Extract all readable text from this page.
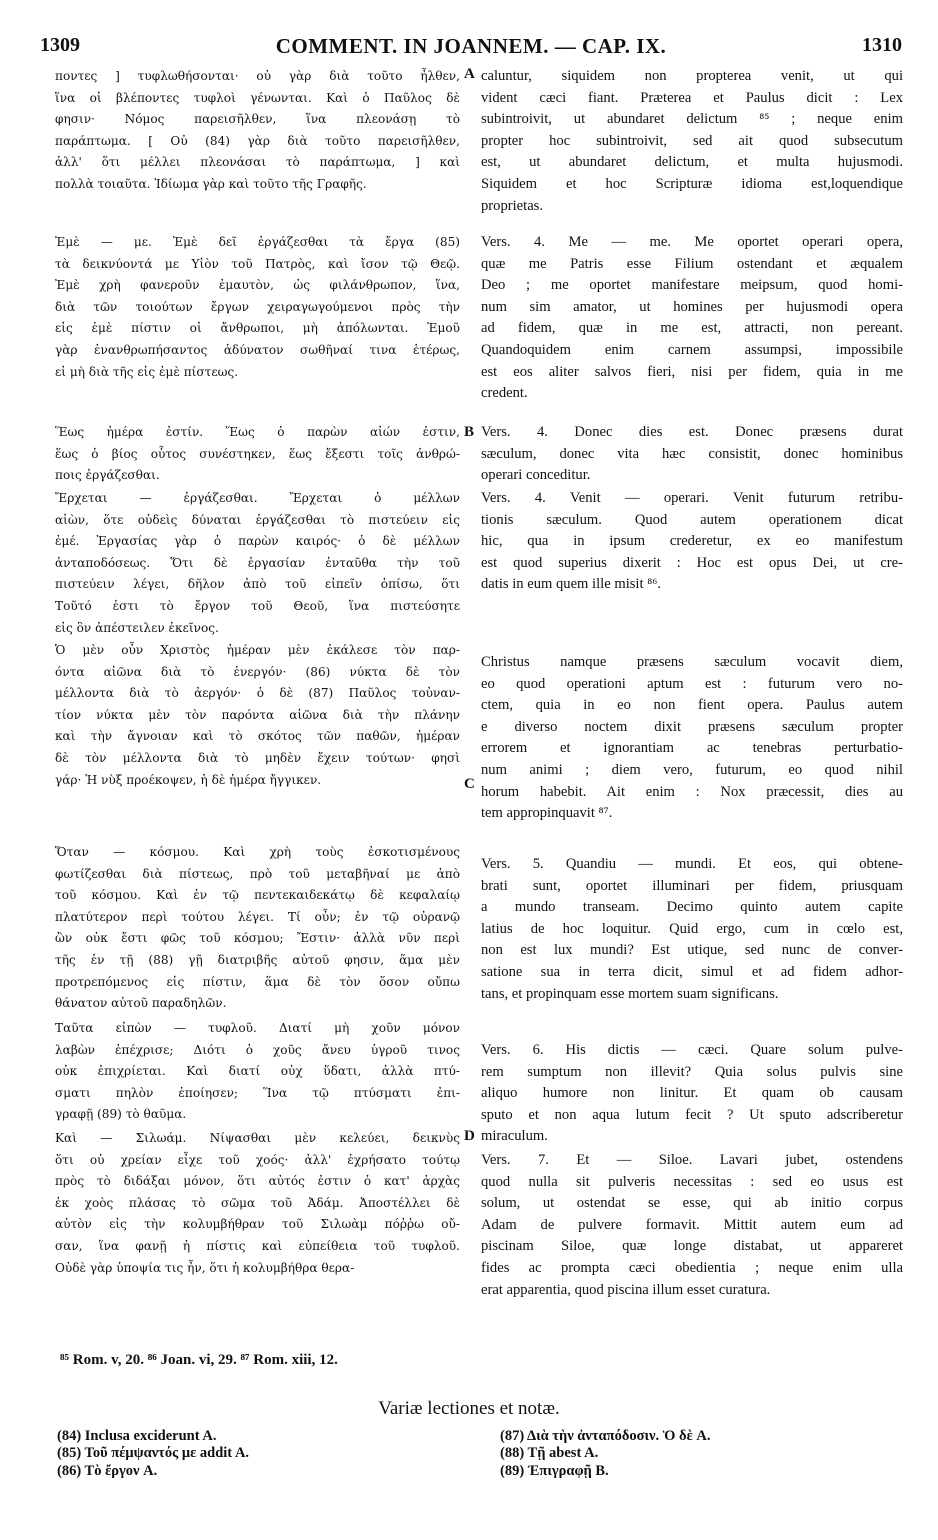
1309	COMMENT. IN JOANNEM. — CAP. IX.	1310
ποντες ] τυφλωθήσονται· οὐ γὰρ διὰ τοῦτο ἦλθεν,
ἵνα οἱ βλέποντες τυφλοὶ γένωνται. Καὶ ὁ Παῦλος δὲ
φησιν· Νόμος παρεισῆλθεν, ἵνα πλεονάσῃ τὸ
παράπτωμα. [ Οὐ (84) γὰρ διὰ τοῦτο παρεισῆλθεν,
ἀλλ' ὅτι μέλλει πλεονάσαι τὸ παράπτωμα, ] καὶ
πολλὰ τοιαῦτα. Ἰδίωμα γὰρ καὶ τοῦτο τῆς Γραφῆς.
Ἐμὲ — με. Ἐμὲ δεῖ ἐργάζεσθαι τὰ ἔργα (85)
τὰ δεικνύοντά με Υἱὸν τοῦ Πατρὸς, καὶ ἴσον τῷ Θεῷ.
Ἐμὲ χρὴ φανεροῦν ἐμαυτὸν, ὡς φιλάνθρωπον, ἵνα,
διὰ τῶν τοιούτων ἔργων χειραγωγούμενοι πρὸς τὴν
εἰς ἐμὲ πίστιν οἱ ἄνθρωποι, μὴ ἀπόλωνται. Ἐμοῦ
γὰρ ἐνανθρωπήσαντος ἀδύνατον σωθῆναί τινα ἑτέρως,
εἰ μὴ διὰ τῆς εἰς ἐμὲ πίστεως.
Ἕως ἡμέρα ἐστίν. Ἕως ὁ παρὼν αἰών ἐστιν,
ἕως ὁ βίος οὗτος συνέστηκεν, ἕως ἔξεστι τοῖς ἀνθρώ-
ποις ἐργάζεσθαι.
Ἔρχεται — ἐργάζεσθαι. Ἔρχεται ὁ μέλλων
αἰὼν, ὅτε οὐδεὶς δύναται ἐργάζεσθαι τὸ πιστεύειν εἰς
ἐμέ. Ἐργασίας γὰρ ὁ παρὼν καιρός· ὁ δὲ μέλλων
ἀνταποδόσεως. Ὅτι δὲ ἐργασίαν ἐνταῦθα τὴν τοῦ
πιστεύειν λέγει, δῆλον ἀπὸ τοῦ εἰπεῖν ὀπίσω, ὅτι
Τοῦτό ἐστι τὸ ἔργον τοῦ Θεοῦ, ἵνα πιστεύσητε
εἰς ὃν ἀπέστειλεν ἐκεῖνος.
Ὁ μὲν οὖν Χριστὸς ἡμέραν μὲν ἐκάλεσε τὸν παρ-
όντα αἰῶνα διὰ τὸ ἐνεργόν· (86) νύκτα δὲ τὸν
μέλλοντα διὰ τὸ ἀεργόν· ὁ δὲ (87) Παῦλος τοὐναν-
τίον νύκτα μὲν τὸν παρόντα αἰῶνα διὰ τὴν πλάνην
καὶ τὴν ἄγνοιαν καὶ τὸ σκότος τῶν παθῶν, ἡμέραν
δὲ τὸν μέλλοντα διὰ τὸ μηδὲν ἔχειν τούτων· φησὶ
γάρ· Ἡ νὺξ προέκοψεν, ἡ δὲ ἡμέρα ἤγγικεν.
Ὅταν — κόσμου. Καὶ χρὴ τοὺς ἐσκοτισμένους
φωτίζεσθαι διὰ πίστεως, πρὸ τοῦ μεταβῆναί με ἀπὸ
τοῦ κόσμου. Καὶ ἐν τῷ πεντεκαιδεκάτῳ δὲ κεφαλαίῳ
πλατύτερον περὶ τούτου λέγει. Τί οὖν; ἐν τῷ οὐρανῷ
ὢν οὐκ ἔστι φῶς τοῦ κόσμου; Ἔστιν· ἀλλὰ νῦν περὶ
τῆς ἐν τῇ (88) γῇ διατριβῆς αὐτοῦ φησιν, ἅμα μὲν
προτρεπόμενος εἰς πίστιν, ἅμα δὲ τὸν ὅσον οὔπω
θάνατον αὐτοῦ παραδηλῶν.
Ταῦτα εἰπὼν — τυφλοῦ. Διατί μὴ χοῦν μόνον
λαβὼν ἐπέχρισε; Διότι ὁ χοῦς ἄνευ ὑγροῦ τινος
οὐκ ἐπιχρίεται. Καὶ διατί οὐχ ὕδατι, ἀλλὰ πτύ-
σματι πηλὸν ἐποίησεν; Ἵνα τῷ πτύσματι ἐπι-
γραφῇ (89) τὸ θαῦμα.
Καὶ — Σιλωάμ. Νίψασθαι μὲν κελεύει, δεικνὺς
ὅτι οὐ χρείαν εἶχε τοῦ χοός· ἀλλ' ἐχρήσατο τούτῳ
πρὸς τὸ διδάξαι μόνον, ὅτι αὐτός ἐστιν ὁ κατ' ἀρχὰς
ἐκ χοὸς πλάσας τὸ σῶμα τοῦ Ἀδάμ. Ἀποστέλλει δὲ
αὐτὸν εἰς τὴν κολυμβήθραν τοῦ Σιλωὰμ πόῤῥω οὔ-
σαν, ἵνα φανῇ ἡ πίστις καὶ εὐπείθεια τοῦ τυφλοῦ.
Οὐδὲ γὰρ ὑποψία τις ἦν, ὅτι ἡ κολυμβήθρα θερα-
caluntur, siquidem non propterea venit, ut qui
vident cæci fiant. Præterea et Paulus dicit : Lex
subintroivit, ut abundaret delictum ⁸⁵ ; neque enim
propter hoc subintroivit, sed ait quod subsecutum
est, ut abundaret delictum, et multa hujusmodi.
Siquidem et hoc Scripturæ idioma est,loquendique
proprietas.
Vers. 4. Me — me. Me oportet operari opera,
quæ me Patris esse Filium ostendant et æqualem
Deo ; me oportet manifestare meipsum, quod homi-
num sim amator, ut homines per hujusmodi opera
ad fidem, quæ in me est, attracti, non pereant.
Quandoquidem enim carnem assumpsi, impossibile
est eos aliter salvos fieri, nisi per fidem, quia in me
credent.
Vers. 4. Donec dies est. Donec præsens durat
sæculum, donec vita hæc consistit, donec hominibus
operari conceditur.
Vers. 4. Venit — operari. Venit futurum retribu-
tionis sæculum. Quod autem operationem dicat
hic, qua in ipsum crederetur, ex eo manifestum
est quod superius dixerit : Hoc est opus Dei, ut cre-
datis in eum quem ille misit ⁸⁶.
Christus namque præsens sæculum vocavit diem,
eo quod operationi aptum est : futurum vero no-
ctem, quia in eo non fient opera. Paulus autem
e diverso noctem dixit præsens sæculum propter
errorem et ignorantiam ac tenebras perturbatio-
num animi ; diem vero, futurum, eo quod nihil
horum habebit. Ait enim : Nox præcessit, dies au
tem appropinquavit ⁸⁷.
Vers. 5. Quandiu — mundi. Et eos, qui obtene-
brati sunt, oportet illuminari per fidem, priusquam
a mundo transeam. Decimo quinto autem capite
latius de hoc loquitur. Quid ergo, cum in cœlo est,
non est lux mundi? Est utique, sed nunc de conver-
satione sua in terra dicit, simul et ad fidem adhor-
tans, et propinquam esse mortem suam significans.
Vers. 6. His dictis — cæci. Quare solum pulve-
rem sumptum non illevit? Quia solus pulvis sine
aliquo humore non linitur. Et quam ob causam
sputo et non aqua lutum fecit ? Ut sputo adscriberetur
miraculum.
Vers. 7. Et — Siloe. Lavari jubet, ostendens
quod nulla sit pulveris necessitas : sed eo usus est
solum, ut ostendat se esse, qui ab initio corpus
Adam de pulvere formavit. Mittit autem eum ad
piscinam Siloe, quæ longe distabat, ut appareret
fides ac prompta cæci obedientia ; neque enim ulla
erat apparentia, quod piscina illum esset curatura.
A
B
C
D
⁸⁵ Rom. v, 20. ⁸⁶ Joan. vi, 29. ⁸⁷ Rom. xiii, 12.
Variæ lectiones et notæ.
(84) Inclusa exciderunt A.
(85) Τοῦ πέμψαντός με addit A.
(86) Τὸ ἔργον A.
(87) Διὰ τὴν ἀνταπόδοσιν. Ὁ δὲ A.
(88) Τῇ abest A.
(89) Ἐπιγραφῇ B.
